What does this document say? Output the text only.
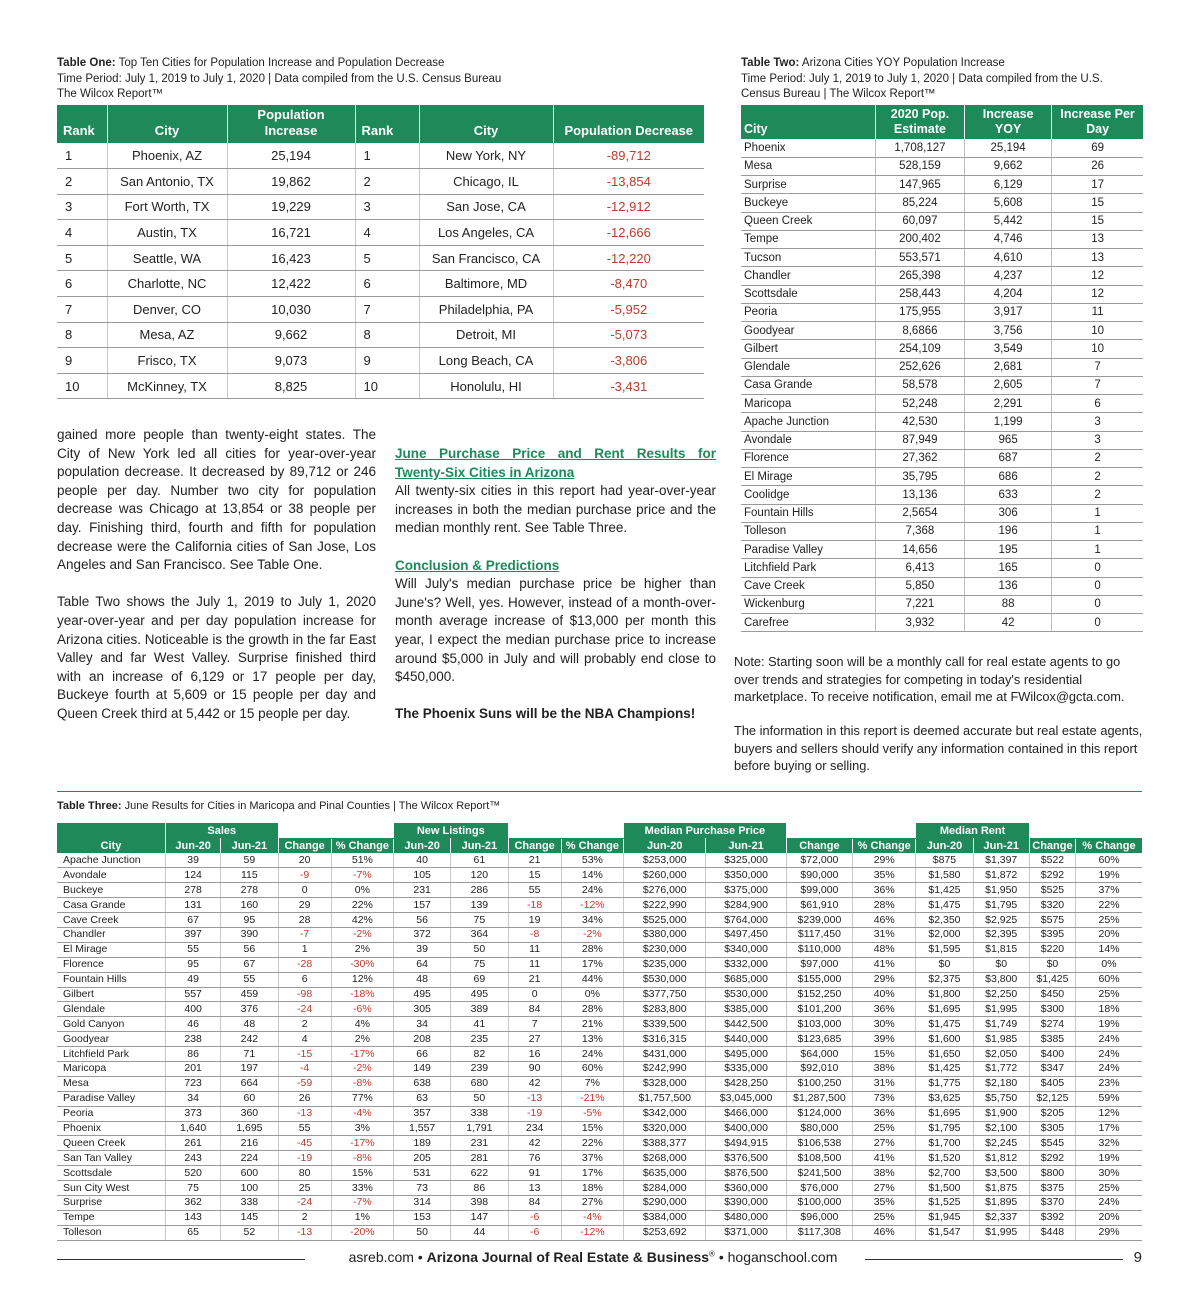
Table One: Top Ten Cities for Population Increase and Population Decrease
Time Period: July 1, 2019 to July 1, 2020 | Data compiled from the U.S. Census Bureau
The Wilcox Report™
Rank	City	Population Increase	Rank	City	Population Decrease
1	Phoenix, AZ	25,194	1	New York, NY	-89,712
2	San Antonio, TX	19,862	2	Chicago, IL	-13,854
3	Fort Worth, TX	19,229	3	San Jose, CA	-12,912
4	Austin, TX	16,721	4	Los Angeles, CA	-12,666
5	Seattle, WA	16,423	5	San Francisco, CA	-12,220
6	Charlotte, NC	12,422	6	Baltimore, MD	-8,470
7	Denver, CO	10,030	7	Philadelphia, PA	-5,952
8	Mesa, AZ	9,662	8	Detroit, MI	-5,073
9	Frisco, TX	9,073	9	Long Beach, CA	-3,806
10	McKinney, TX	8,825	10	Honolulu, HI	-3,431
Table Two: Arizona Cities YOY Population Increase
Time Period: July 1, 2019 to July 1, 2020 | Data compiled from the U.S.
Census Bureau | The Wilcox Report™
City	2020 Pop. Estimate	Increase YOY	Increase Per Day
Phoenix	1,708,127	25,194	69
Mesa	528,159	9,662	26
Surprise	147,965	6,129	17
Buckeye	85,224	5,608	15
Queen Creek	60,097	5,442	15
Tempe	200,402	4,746	13
Tucson	553,571	4,610	13
Chandler	265,398	4,237	12
Scottsdale	258,443	4,204	12
Peoria	175,955	3,917	11
Goodyear	8,6866	3,756	10
Gilbert	254,109	3,549	10
Glendale	252,626	2,681	7
Casa Grande	58,578	2,605	7
Maricopa	52,248	2,291	6
Apache Junction	42,530	1,199	3
Avondale	87,949	965	3
Florence	27,362	687	2
El Mirage	35,795	686	2
Coolidge	13,136	633	2
Fountain Hills	2,5654	306	1
Tolleson	7,368	196	1
Paradise Valley	14,656	195	1
Litchfield Park	6,413	165	0
Cave Creek	5,850	136	0
Wickenburg	7,221	88	0
Carefree	3,932	42	0

gained more people than twenty-eight states. The City of New York led all cities for year-over-year population decrease. It decreased by 89,712 or 246 people per day. Number two city for population decrease was Chicago at 13,854 or 38 people per day. Finishing third, fourth and fifth for population decrease were the California cities of San Jose, Los Angeles and San Francisco. See Table One.

Table Two shows the July 1, 2019 to July 1, 2020 year-over-year and per day population increase for Arizona cities. Noticeable is the growth in the far East Valley and far West Valley. Surprise finished third with an increase of 6,129 or 17 people per day, Buckeye fourth at 5,609 or 15 people per day and Queen Creek third at 5,442 or 15 people per day.

June Purchase Price and Rent Results for Twenty-Six Cities in Arizona

All twenty-six cities in this report had year-over-year increases in both the median purchase price and the median monthly rent. See Table Three.

Conclusion & Predictions

Will July's median purchase price be higher than June's? Well, yes. However, instead of a month-over-month average increase of $13,000 per month this year, I expect the median purchase price to increase around $5,000 in July and will probably end close to $450,000.

The Phoenix Suns will be the NBA Champions!

Note: Starting soon will be a monthly call for real estate agents to go over trends and strategies for competing in today's residential marketplace. To receive notification, email me at FWilcox@gcta.com.
The information in this report is deemed accurate but real estate agents, buyers and sellers should verify any information contained in this report before buying or selling.
Table Three: June Results for Cities in Maricopa and Pinal Counties | The Wilcox Report™
	Sales				New Listings				Median Purchase Price				Median Rent			
City	Jun-20	Jun-21	Change	% Change	Jun-20	Jun-21	Change	% Change	Jun-20	Jun-21	Change	% Change	Jun-20	Jun-21	Change	% Change
Apache Junction	39	59	20	51%	40	61	21	53%	$253,000	$325,000	$72,000	29%	$875	$1,397	$522	60%
Avondale	124	115	-9	-7%	105	120	15	14%	$260,000	$350,000	$90,000	35%	$1,580	$1,872	$292	19%
Buckeye	278	278	0	0%	231	286	55	24%	$276,000	$375,000	$99,000	36%	$1,425	$1,950	$525	37%
Casa Grande	131	160	29	22%	157	139	-18	-12%	$222,990	$284,900	$61,910	28%	$1,475	$1,795	$320	22%
Cave Creek	67	95	28	42%	56	75	19	34%	$525,000	$764,000	$239,000	46%	$2,350	$2,925	$575	25%
Chandler	397	390	-7	-2%	372	364	-8	-2%	$380,000	$497,450	$117,450	31%	$2,000	$2,395	$395	20%
El Mirage	55	56	1	2%	39	50	11	28%	$230,000	$340,000	$110,000	48%	$1,595	$1,815	$220	14%
Florence	95	67	-28	-30%	64	75	11	17%	$235,000	$332,000	$97,000	41%	$0	$0	$0	0%
Fountain Hills	49	55	6	12%	48	69	21	44%	$530,000	$685,000	$155,000	29%	$2,375	$3,800	$1,425	60%
Gilbert	557	459	-98	-18%	495	495	0	0%	$377,750	$530,000	$152,250	40%	$1,800	$2,250	$450	25%
Glendale	400	376	-24	-6%	305	389	84	28%	$283,800	$385,000	$101,200	36%	$1,695	$1,995	$300	18%
Gold Canyon	46	48	2	4%	34	41	7	21%	$339,500	$442,500	$103,000	30%	$1,475	$1,749	$274	19%
Goodyear	238	242	4	2%	208	235	27	13%	$316,315	$440,000	$123,685	39%	$1,600	$1,985	$385	24%
Litchfield Park	86	71	-15	-17%	66	82	16	24%	$431,000	$495,000	$64,000	15%	$1,650	$2,050	$400	24%
Maricopa	201	197	-4	-2%	149	239	90	60%	$242,990	$335,000	$92,010	38%	$1,425	$1,772	$347	24%
Mesa	723	664	-59	-8%	638	680	42	7%	$328,000	$428,250	$100,250	31%	$1,775	$2,180	$405	23%
Paradise Valley	34	60	26	77%	63	50	-13	-21%	$1,757,500	$3,045,000	$1,287,500	73%	$3,625	$5,750	$2,125	59%
Peoria	373	360	-13	-4%	357	338	-19	-5%	$342,000	$466,000	$124,000	36%	$1,695	$1,900	$205	12%
Phoenix	1,640	1,695	55	3%	1,557	1,791	234	15%	$320,000	$400,000	$80,000	25%	$1,795	$2,100	$305	17%
Queen Creek	261	216	-45	-17%	189	231	42	22%	$388,377	$494,915	$106,538	27%	$1,700	$2,245	$545	32%
San Tan Valley	243	224	-19	-8%	205	281	76	37%	$268,000	$376,500	$108,500	41%	$1,520	$1,812	$292	19%
Scottsdale	520	600	80	15%	531	622	91	17%	$635,000	$876,500	$241,500	38%	$2,700	$3,500	$800	30%
Sun City West	75	100	25	33%	73	86	13	18%	$284,000	$360,000	$76,000	27%	$1,500	$1,875	$375	25%
Surprise	362	338	-24	-7%	314	398	84	27%	$290,000	$390,000	$100,000	35%	$1,525	$1,895	$370	24%
Tempe	143	145	2	1%	153	147	-6	-4%	$384,000	$480,000	$96,000	25%	$1,945	$2,337	$392	20%
Tolleson	65	52	-13	-20%	50	44	-6	-12%	$253,692	$371,000	$117,308	46%	$1,547	$1,995	$448	29%
asreb.com • Arizona Journal of Real Estate & Business® • hoganschool.com	9
